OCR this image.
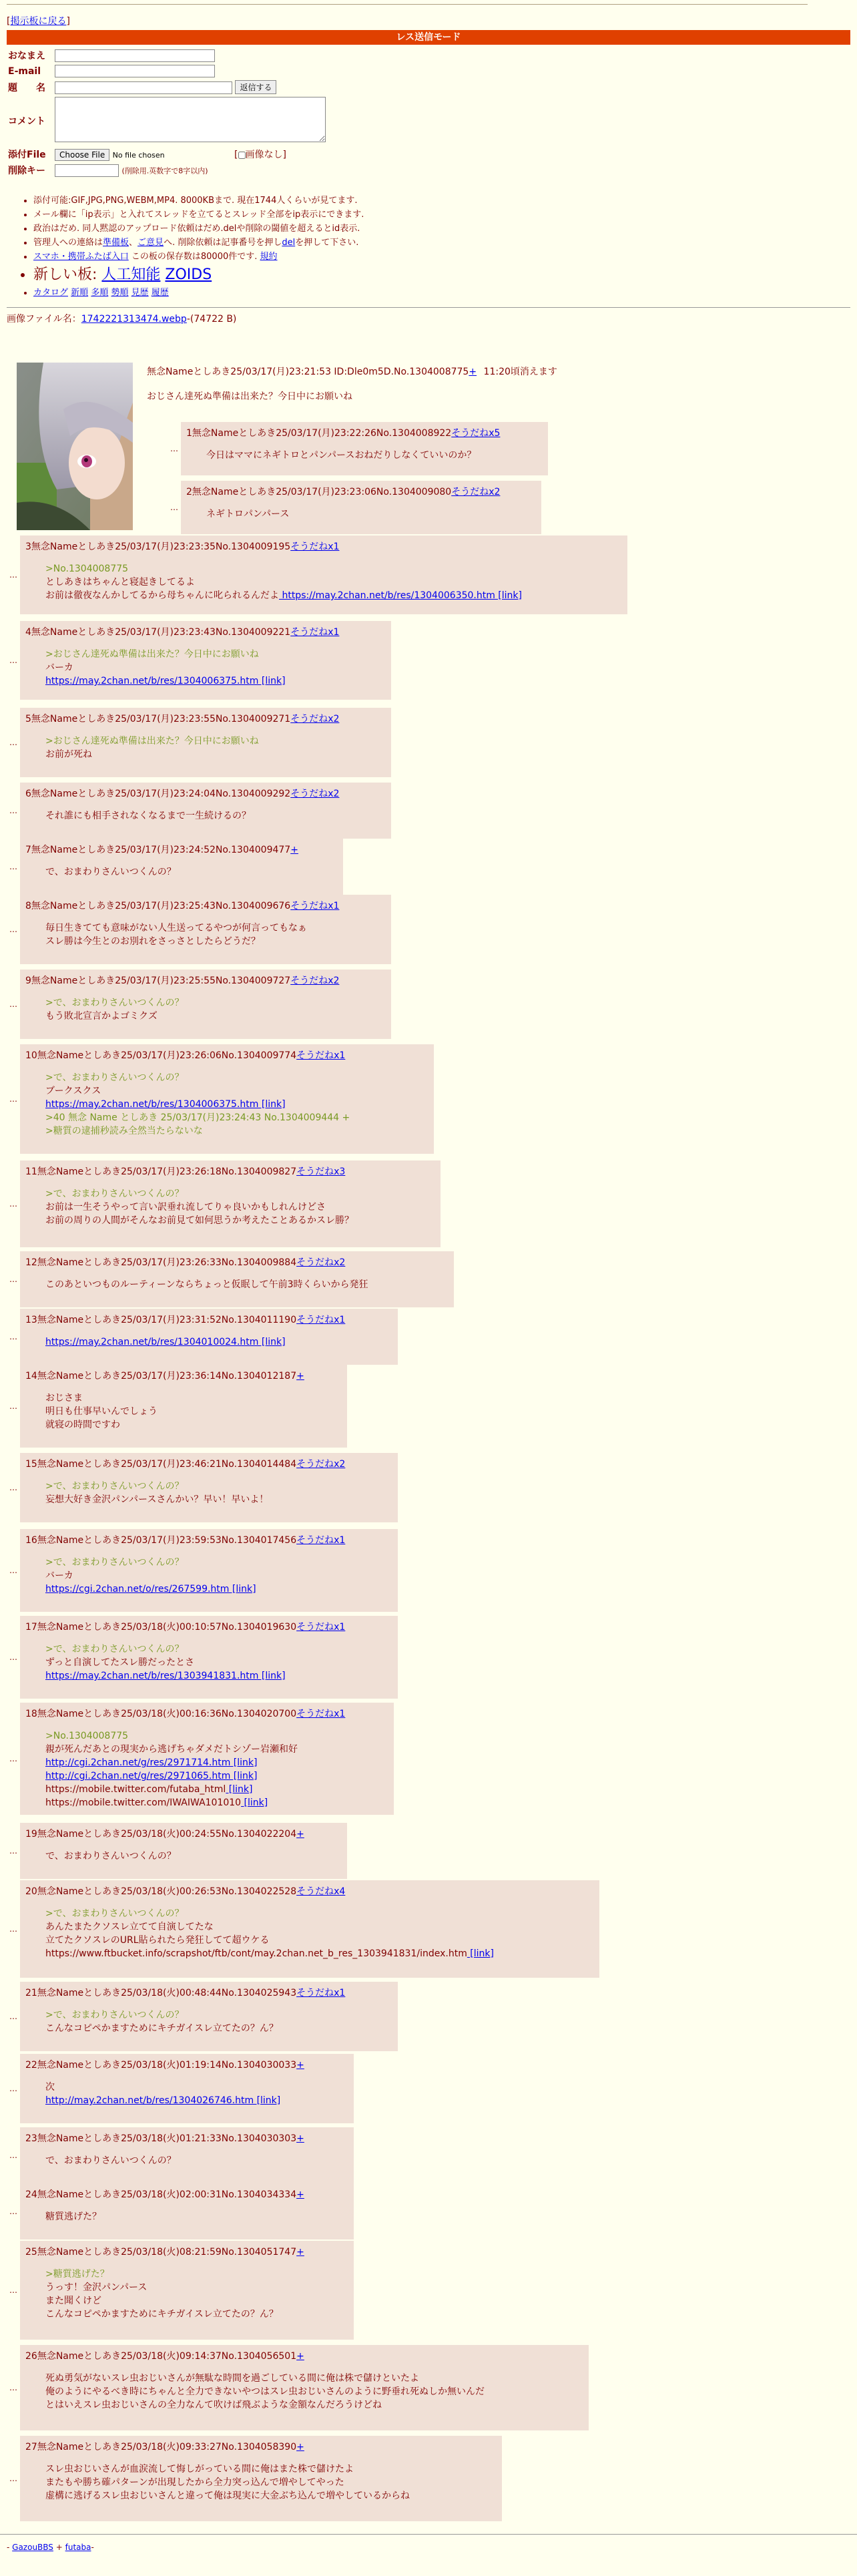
[掲示板に戻る]
レス送信モード
おなまえ	
E-mail	
題　　名	返信する
コメント	
添付File	Choose File No file chosen [ 画像なし]
削除キー	(削除用.英数字で8字以内)
• 添付可能:GIF,JPG,PNG,WEBM,MP4. 8000KBまで. 現在1744人くらいが見てます.
• メール欄に「ip表示」と入れてスレッドを立てるとスレッド全部をip表示にできます.
• 政治はだめ. 同人黙認のアップロード依頼はだめ.delや削除の閾値を超えるとid表示.
• 管理人への連絡は準備板、ご意見へ. 削除依頼は記事番号を押しdelを押して下さい.
• スマホ・携帯ふたば入口 この板の保存数は80000件です. 規約
• 新しい板: 人工知能 ZOIDS
• カタログ 新順 多順 勢順 見歴 履歴
画像ファイル名：1742221313474.webp-(74722 B)
無念Nameとしあき25/03/17(月)23:21:53 ID:Dle0m5D.No.1304008775+ 11:20頃消えます
おじさん達死ぬ準備は出来た？今日中にお願いね
…
1無念Nameとしあき25/03/17(月)23:22:26No.1304008922そうだねx5
今日はママにネギトロとパンパースおねだりしなくていいのか？
…
2無念Nameとしあき25/03/17(月)23:23:06No.1304009080そうだねx2
ネギトロパンパース
…
3無念Nameとしあき25/03/17(月)23:23:35No.1304009195そうだねx1
>No.1304008775
としあきはちゃんと寝起きしてるよ
お前は徹夜なんかしてるから母ちゃんに叱られるんだよ https://may.2chan.net/b/res/1304006350.htm [link]
…
4無念Nameとしあき25/03/17(月)23:23:43No.1304009221そうだねx1
>おじさん達死ぬ準備は出来た？今日中にお願いね
バーカ
https://may.2chan.net/b/res/1304006375.htm [link]
…
5無念Nameとしあき25/03/17(月)23:23:55No.1304009271そうだねx2
>おじさん達死ぬ準備は出来た？今日中にお願いね
お前が死ね
…
6無念Nameとしあき25/03/17(月)23:24:04No.1304009292そうだねx2
それ誰にも相手されなくなるまで一生続けるの？
…
7無念Nameとしあき25/03/17(月)23:24:52No.1304009477+
で、おまわりさんいつくんの？
…
8無念Nameとしあき25/03/17(月)23:25:43No.1304009676そうだねx1
毎日生きてても意味がない人生送ってるやつが何言ってもなぁ
スレ勝は今生とのお別れをさっさとしたらどうだ？
…
9無念Nameとしあき25/03/17(月)23:25:55No.1304009727そうだねx2
>で、おまわりさんいつくんの？
もう敗北宣言かよゴミクズ
…
10無念Nameとしあき25/03/17(月)23:26:06No.1304009774そうだねx1
>で、おまわりさんいつくんの？
ブークスクス
https://may.2chan.net/b/res/1304006375.htm [link]
>40 無念 Name としあき 25/03/17(月)23:24:43 No.1304009444 +
>糖質の逮捕秒読み全然当たらないな
…
11無念Nameとしあき25/03/17(月)23:26:18No.1304009827そうだねx3
>で、おまわりさんいつくんの？
お前は一生そうやって言い訳垂れ流してりゃ良いかもしれんけどさ
お前の周りの人間がそんなお前見て如何思うか考えたことあるかスレ勝？
…
12無念Nameとしあき25/03/17(月)23:26:33No.1304009884そうだねx2
このあといつものルーティーンならちょっと仮眠して午前3時くらいから発狂
…
13無念Nameとしあき25/03/17(月)23:31:52No.1304011190そうだねx1
https://may.2chan.net/b/res/1304010024.htm [link]
…
14無念Nameとしあき25/03/17(月)23:36:14No.1304012187+
おじさま
明日も仕事早いんでしょう
就寝の時間ですわ
…
15無念Nameとしあき25/03/17(月)23:46:21No.1304014484そうだねx2
>で、おまわりさんいつくんの？
妄想大好き金沢パンパースさんかい？早い！早いよ！
…
16無念Nameとしあき25/03/17(月)23:59:53No.1304017456そうだねx1
>で、おまわりさんいつくんの？
バーカ
https://cgi.2chan.net/o/res/267599.htm [link]
…
17無念Nameとしあき25/03/18(火)00:10:57No.1304019630そうだねx1
>で、おまわりさんいつくんの？
ずっと自演してたスレ勝だったとさ
https://may.2chan.net/b/res/1303941831.htm [link]
…
18無念Nameとしあき25/03/18(火)00:16:36No.1304020700そうだねx1
>No.1304008775
親が死んだあとの現実から逃げちゃダメだトシゾー岩瀬和好
http://cgi.2chan.net/g/res/2971714.htm [link]
http://cgi.2chan.net/g/res/2971065.htm [link]
https://mobile.twitter.com/futaba_html [link]
https://mobile.twitter.com/IWAIWA101010 [link]
…
19無念Nameとしあき25/03/18(火)00:24:55No.1304022204+
で、おまわりさんいつくんの？
…
20無念Nameとしあき25/03/18(火)00:26:53No.1304022528そうだねx4
>で、おまわりさんいつくんの？
あんたまたクソスレ立てて自演してたな
立てたクソスレのURL貼られたら発狂してて超ウケる
https://www.ftbucket.info/scrapshot/ftb/cont/may.2chan.net_b_res_1303941831/index.htm [link]
…
21無念Nameとしあき25/03/18(火)00:48:44No.1304025943そうだねx1
>で、おまわりさんいつくんの？
こんなコピペかますためにキチガイスレ立てたの？ん？
…
22無念Nameとしあき25/03/18(火)01:19:14No.1304030033+
次
http://may.2chan.net/b/res/1304026746.htm [link]
…
23無念Nameとしあき25/03/18(火)01:21:33No.1304030303+
で、おまわりさんいつくんの？
…
24無念Nameとしあき25/03/18(火)02:00:31No.1304034334+
糖質逃げた？
…
25無念Nameとしあき25/03/18(火)08:21:59No.1304051747+
>糖質逃げた？
うっす！金沢パンパース
また聞くけど
こんなコピペかますためにキチガイスレ立てたの？ん？
…
26無念Nameとしあき25/03/18(火)09:14:37No.1304056501+
死ぬ勇気がないスレ虫おじいさんが無駄な時間を過ごしている間に俺は株で儲けといたよ
俺のようにやるべき時にちゃんと全力できないやつはスレ虫おじいさんのように野垂れ死ぬしか無いんだ
とはいえスレ虫おじいさんの全力なんて吹けば飛ぶような金額なんだろうけどね
…
27無念Nameとしあき25/03/18(火)09:33:27No.1304058390+
スレ虫おじいさんが血涙流して悔しがっている間に俺はまた株で儲けたよ
またもや勝ち確パターンが出現したから全力突っ込んで増やしてやった
虚構に逃げるスレ虫おじいさんと違って俺は現実に大金ぶち込んで増やしているからね
- GazouBBS + futaba-
